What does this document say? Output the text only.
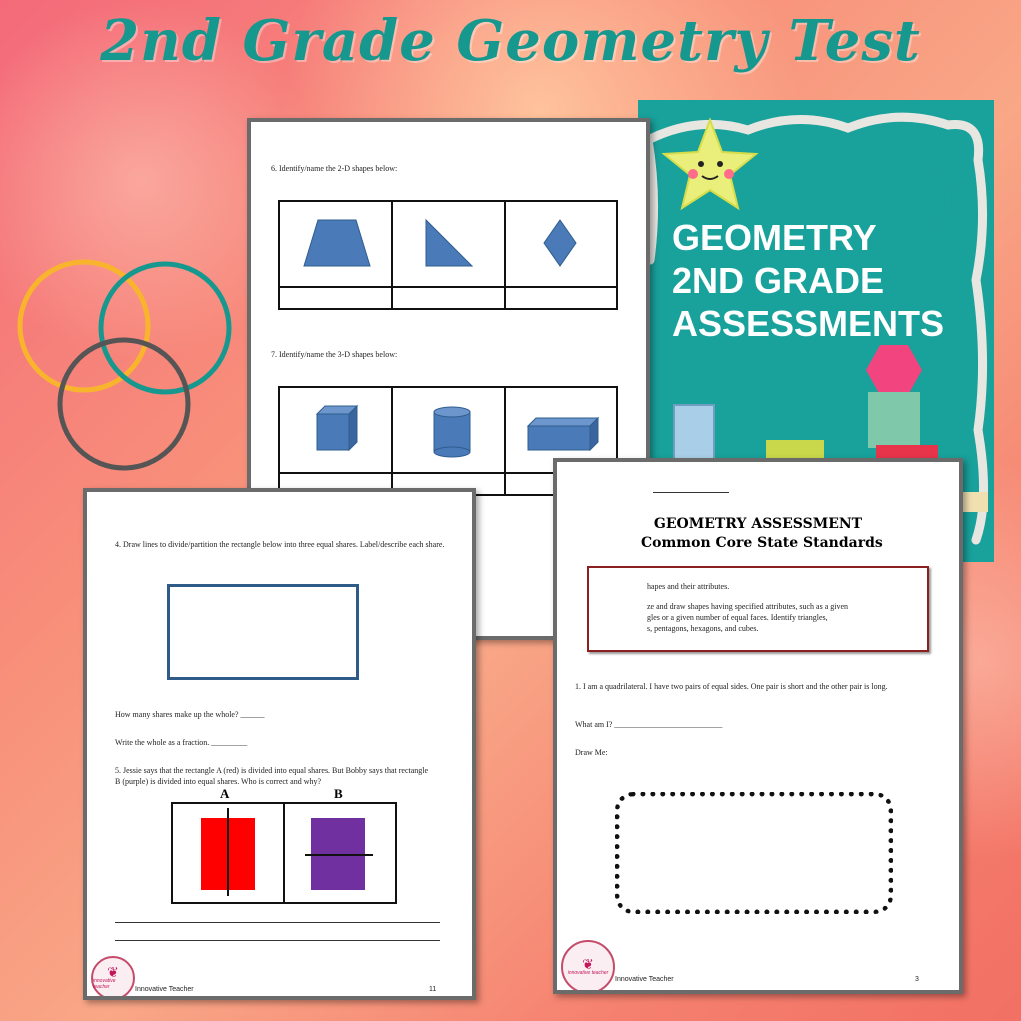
2nd Grade Geometry Test
GEOMETRY
2ND GRADE
ASSESSMENTS
6. Identify/name the 2-D shapes below:
7. Identify/name the 3-D shapes below:
4. Draw lines to divide/partition the rectangle below into three equal shares. Label/describe each share.
How many shares make up the whole? ______
Write the whole as a fraction. _________
5. Jessie says that the rectangle A (red) is divided into equal shares. But Bobby says that rectangle B (purple) is divided into equal shares. Who is correct and why?
A	B
❦
innovative teacher	Innovative Teacher	11
GEOMETRY ASSESSMENT
Common Core State Standards
hapes and their attributes.
ze and draw shapes having specified attributes, such as a given
gles or a given number of equal faces. Identify triangles,
s, pentagons, hexagons, and cubes.
1. I am a quadrilateral. I have two pairs of equal sides. One pair is short and the other pair is long.
What am I? ___________________________
Draw Me:
❦
innovative teacher
Innovative Teacher	3
